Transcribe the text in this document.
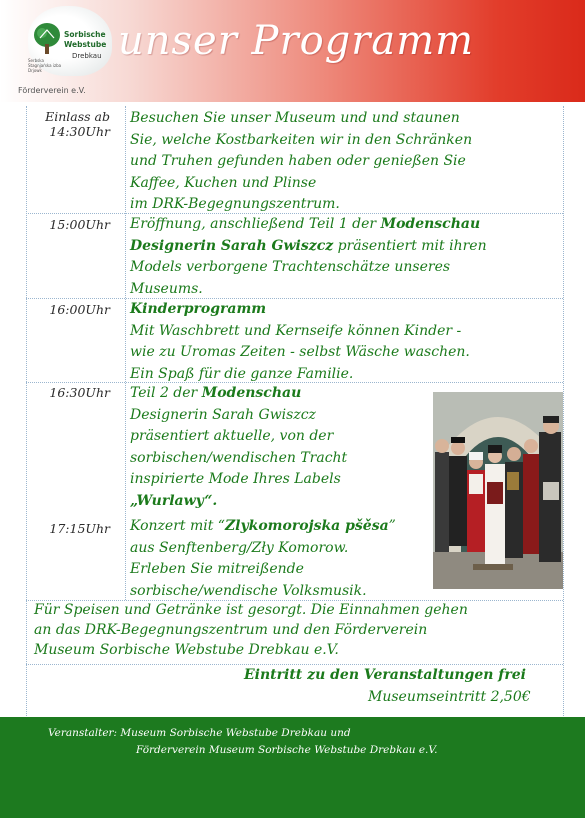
Sorbische
Webstube
Drebkau
Serbska Stagnjaŕska izba Drjowk
Förderverein e.V.
unser Programm
Einlass ab 14:30Uhr
Besuchen Sie unser Museum und und staunen
Sie, welche Kostbarkeiten wir in den Schränken
und Truhen gefunden haben oder genießen Sie
Kaffee, Kuchen und Plinse
im DRK-Begegnungszentrum.
15:00Uhr Eröffnung, anschließend Teil 1 der Modenschau
Designerin Sarah Gwiszcz präsentiert mit ihren
Models verborgene Trachtenschätze unseres
Museums.
16:00Uhr Kinderprogramm
Mit Waschbrett und Kernseife können Kinder -
wie zu Uromas Zeiten - selbst Wäsche waschen.
Ein Spaß für die ganze Familie.
16:30Uhr Teil 2 der Modenschau
Designerin Sarah Gwiszcz
präsentiert aktuelle, von der
sorbischen/wendischen Tracht
inspirierte Mode Ihres Labels
„Wurlawy“.
17:15Uhr Konzert mit “Zlykomorojska pšěsa”
aus Senftenberg/Zły Komorow.
Erleben Sie mitreißende
sorbische/wendische Volksmusik.
Für Speisen und Getränke ist gesorgt. Die Einnahmen gehen
an das DRK-Begegnungszentrum und den Förderverein
Museum Sorbische Webstube Drebkau e.V.
Eintritt zu den Veranstaltungen frei
Museumseintritt 2,50€
Veranstalter: Museum Sorbische Webstube Drebkau und
Förderverein Museum Sorbische Webstube Drebkau e.V.
